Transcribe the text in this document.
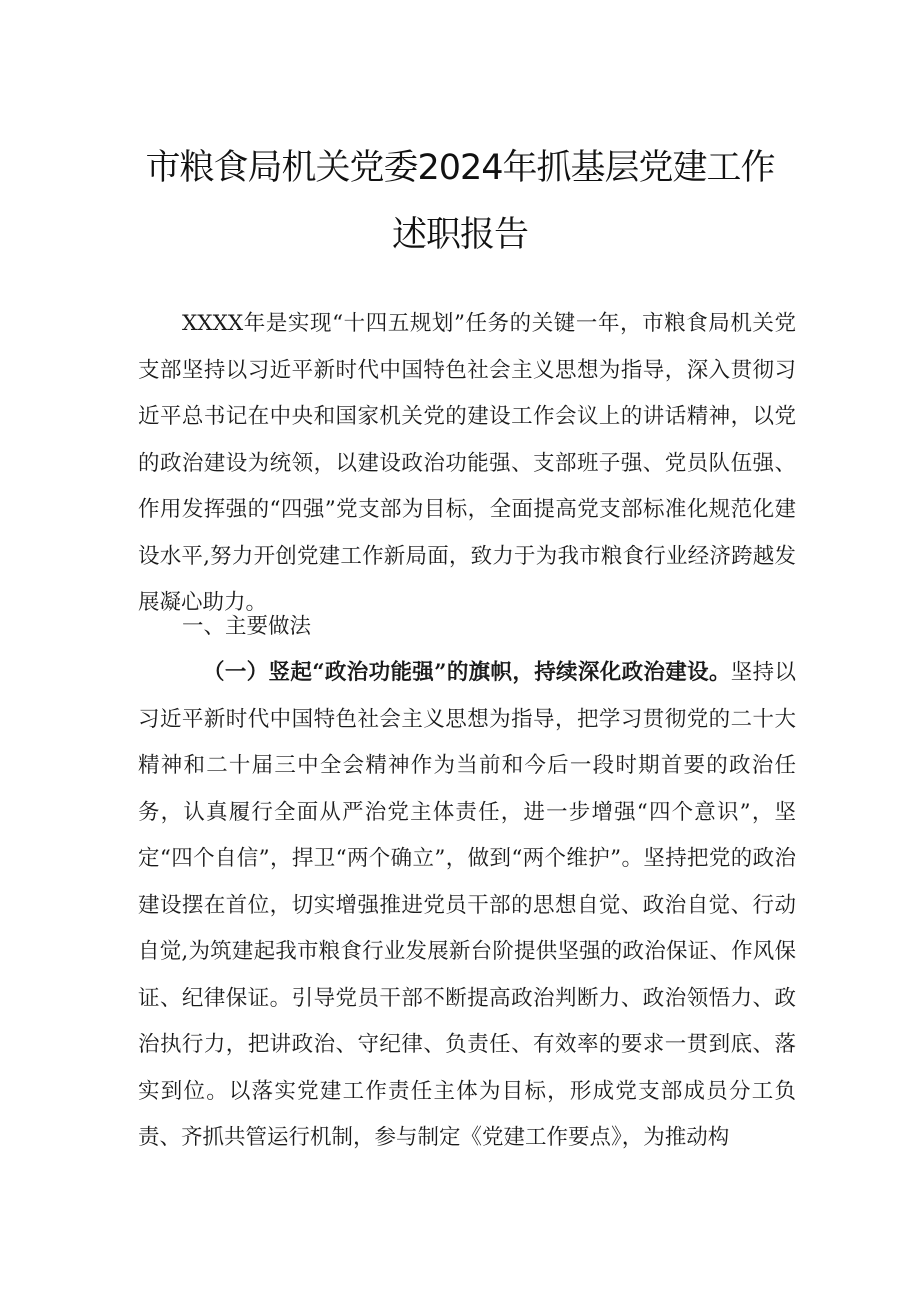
市粮食局机关党委2024年抓基层党建工作
述职报告

XXXX年是实现“十四五规划”任务的关键一年，市粮食局机关党支部坚持以习近平新时代中国特色社会主义思想为指导，深入贯彻习近平总书记在中央和国家机关党的建设工作会议上的讲话精神，以党的政治建设为统领，以建设政治功能强、支部班子强、党员队伍强、作用发挥强的“四强”党支部为目标，全面提高党支部标准化规范化建设水平,努力开创党建工作新局面，致力于为我市粮食行业经济跨越发展凝心助力。

一、主要做法

（一）竖起“政治功能强”的旗帜，持续深化政治建设。坚持以习近平新时代中国特色社会主义思想为指导，把学习贯彻党的二十大精神和二十届三中全会精神作为当前和今后一段时期首要的政治任务，认真履行全面从严治党主体责任，进一步增强“四个意识”，坚定“四个自信”，捍卫“两个确立”，做到“两个维护”。坚持把党的政治建设摆在首位，切实增强推进党员干部的思想自觉、政治自觉、行动自觉,为筑建起我市粮食行业发展新台阶提供坚强的政治保证、作风保证、纪律保证。引导党员干部不断提高政治判断力、政治领悟力、政治执行力，把讲政治、守纪律、负责任、有效率的要求一贯到底、落实到位。以落实党建工作责任主体为目标，形成党支部成员分工负责、齐抓共管运行机制，参与制定《党建工作要点》，为推动构
